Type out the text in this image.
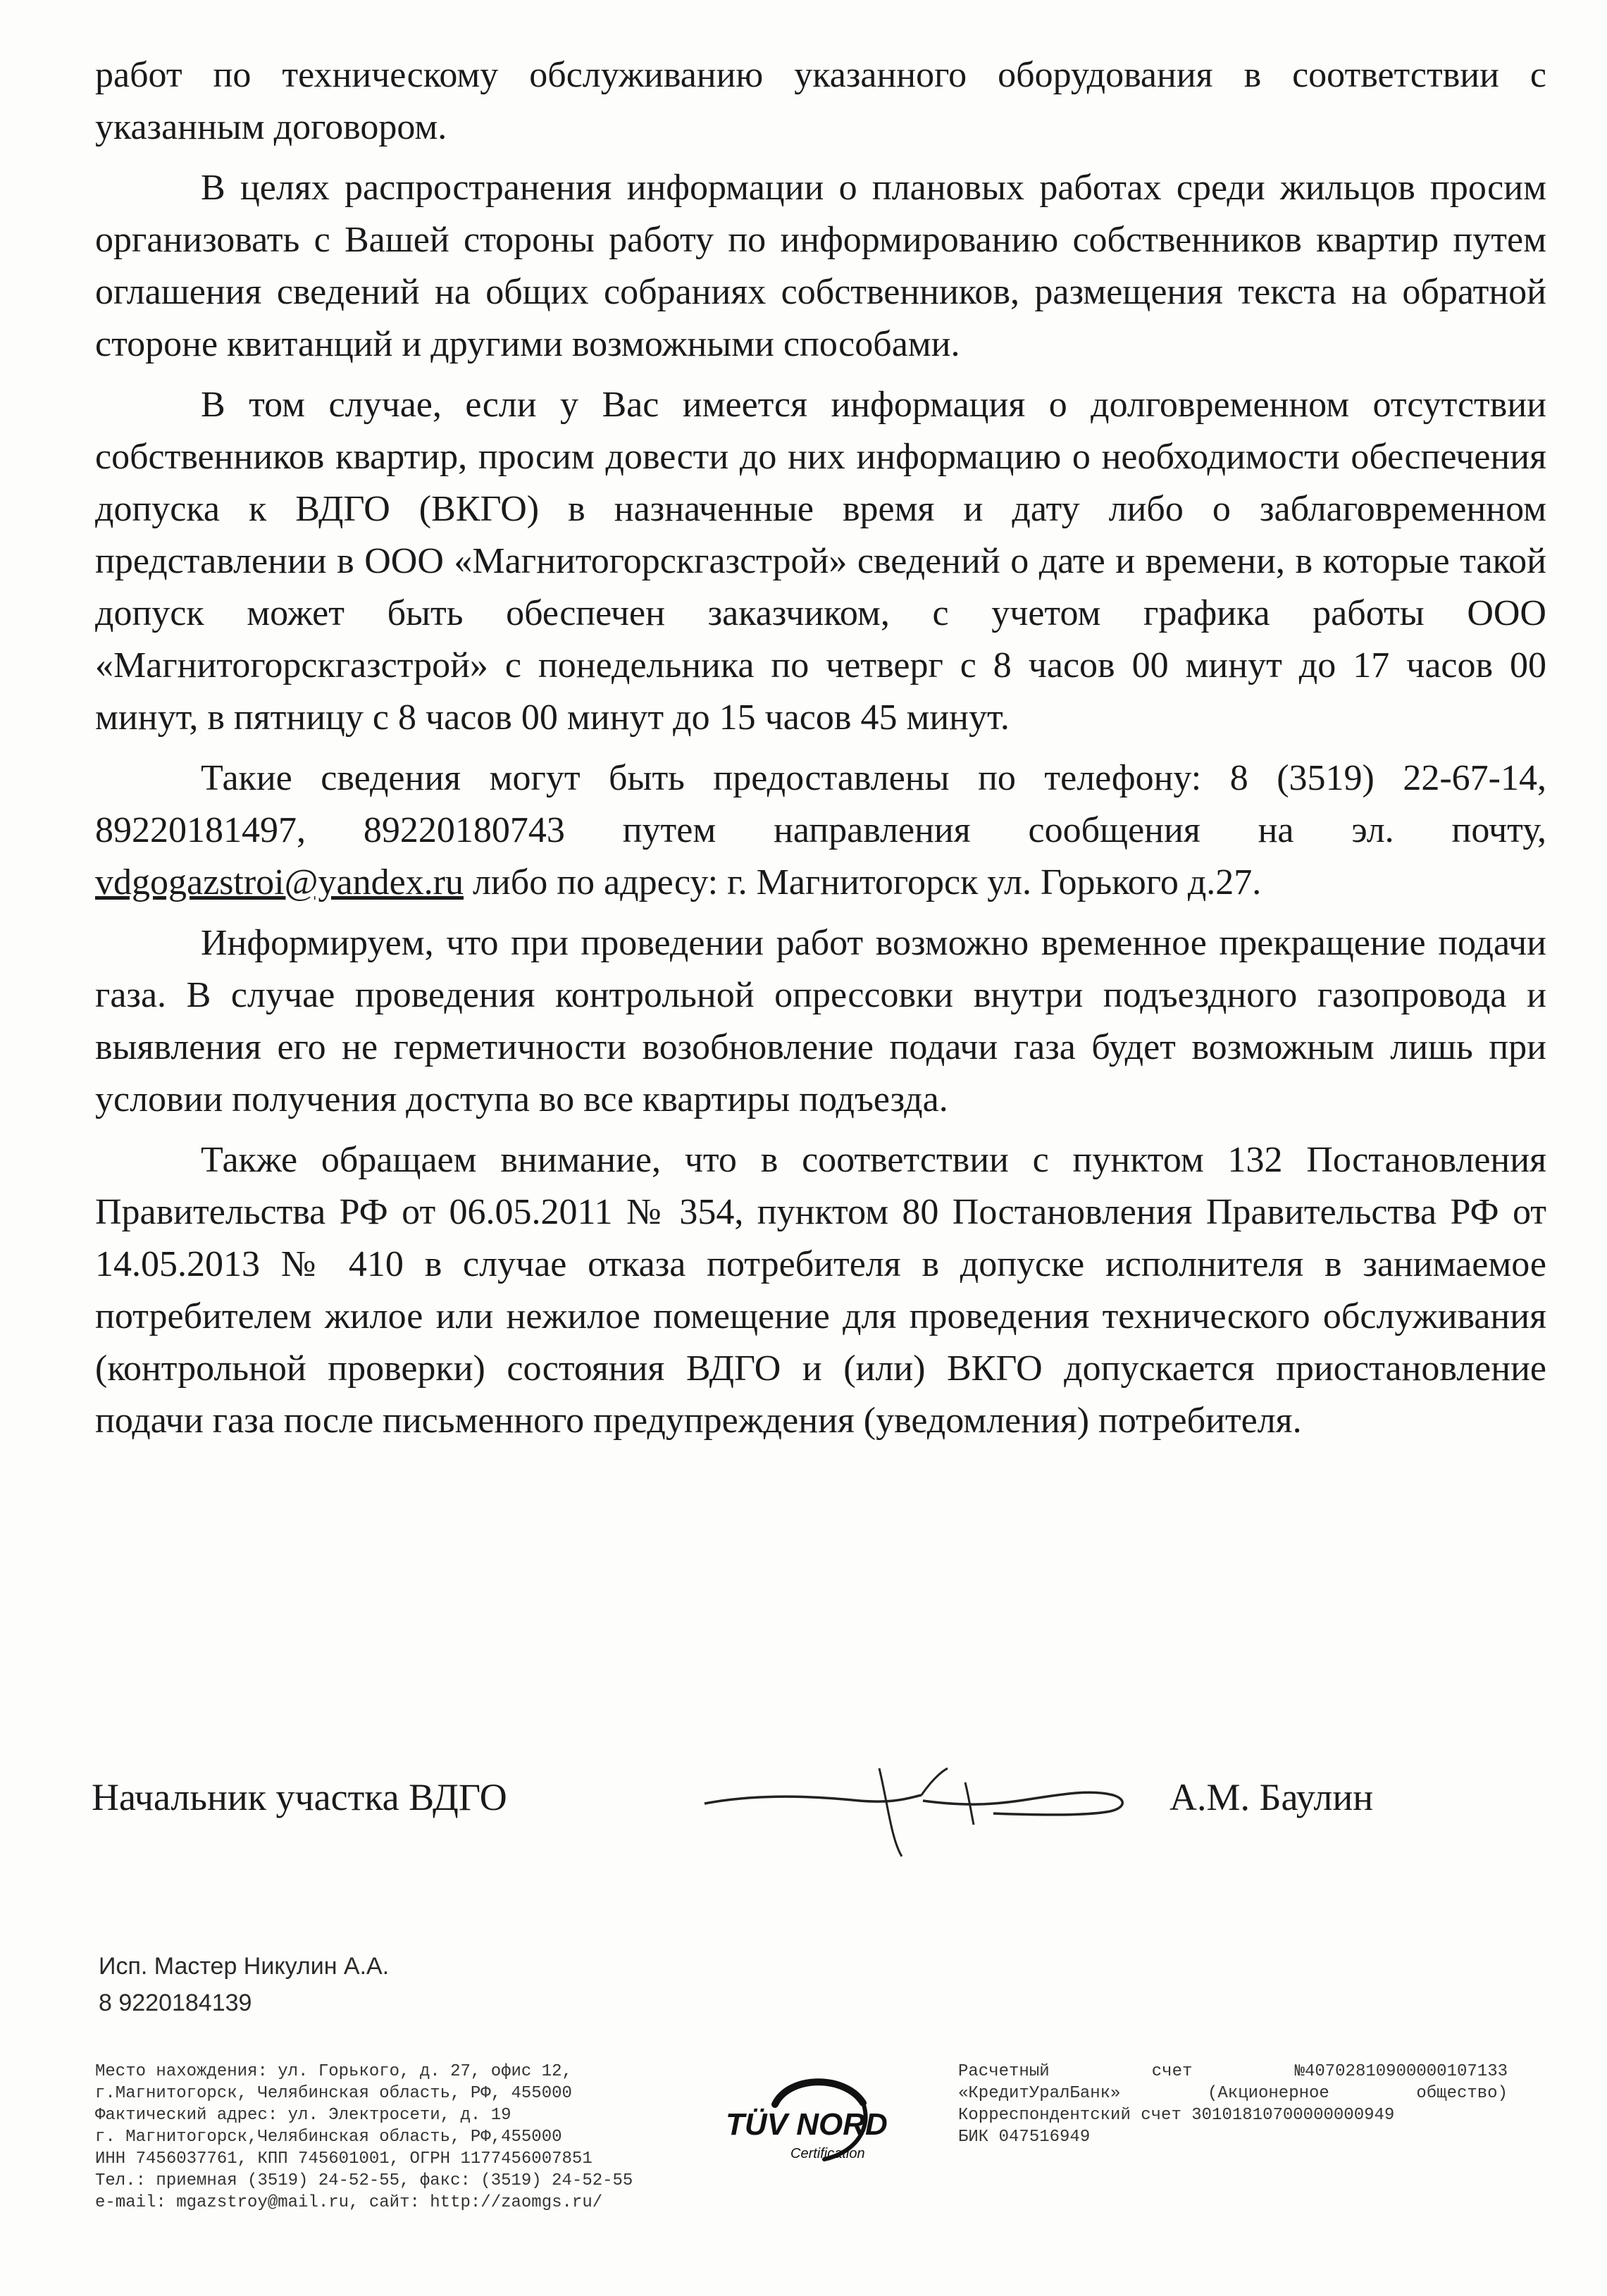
работ по техническому обслуживанию указанного оборудования в соответствии с указанным договором.

В целях распространения информации о плановых работах среди жильцов просим организовать с Вашей стороны работу по информированию собственников квартир путем оглашения сведений на общих собраниях собственников, размещения текста на обратной стороне квитанций и другими возможными способами.

В том случае, если у Вас имеется информация о долговременном отсутствии собственников квартир, просим довести до них информацию о необходимости обеспечения допуска к ВДГО (ВКГО) в назначенные время и дату либо о заблаговременном представлении в ООО «Магнитогорскгазстрой» сведений о дате и времени, в которые такой допуск может быть обеспечен заказчиком, с учетом графика работы ООО «Магнитогорскгазстрой» с понедельника по четверг с 8 часов 00 минут до 17 часов 00 минут, в пятницу с 8 часов 00 минут до 15 часов 45 минут.

Такие сведения могут быть предоставлены по телефону: 8 (3519) 22-67-14, 89220181497, 89220180743 путем направления сообщения на эл. почту, vdgogazstroi@yandex.ru либо по адресу: г. Магнитогорск ул. Горького д.27.

Информируем, что при проведении работ возможно временное прекращение подачи газа. В случае проведения контрольной опрессовки внутри подъездного газопровода и выявления его не герметичности возобновление подачи газа будет возможным лишь при условии получения доступа во все квартиры подъезда.

Также обращаем внимание, что в соответствии с пунктом 132 Постановления Правительства РФ от 06.05.2011 № 354, пунктом 80 Постановления Правительства РФ от 14.05.2013 № 410 в случае отказа потребителя в допуске исполнителя в занимаемое потребителем жилое или нежилое помещение для проведения технического обслуживания (контрольной проверки) состояния ВДГО и (или) ВКГО допускается приостановление подачи газа после письменного предупреждения (уведомления) потребителя.

Начальник участка ВДГО	А.М. Баулин
Исп. Мастер Никулин А.А.
8 9220184139
Место нахождения: ул. Горького, д. 27, офис 12,
г.Магнитогорск, Челябинская область, РФ, 455000
Фактический адрес: ул. Электросети, д. 19
г. Магнитогорск,Челябинская область, РФ,455000
ИНН 7456037761, КПП 745601001, ОГРН 1177456007851
Тел.: приемная (3519) 24-52-55, факс: (3519) 24-52-55
e-mail: mgazstroy@mail.ru, сайт: http://zaomgs.ru/
TÜV NORD
Certification
Расчетный	счет	№40702810900000107133
«КредитУралБанк»	(Акционерное	общество)
Корреспондентский счет 30101810700000000949
БИК 047516949
